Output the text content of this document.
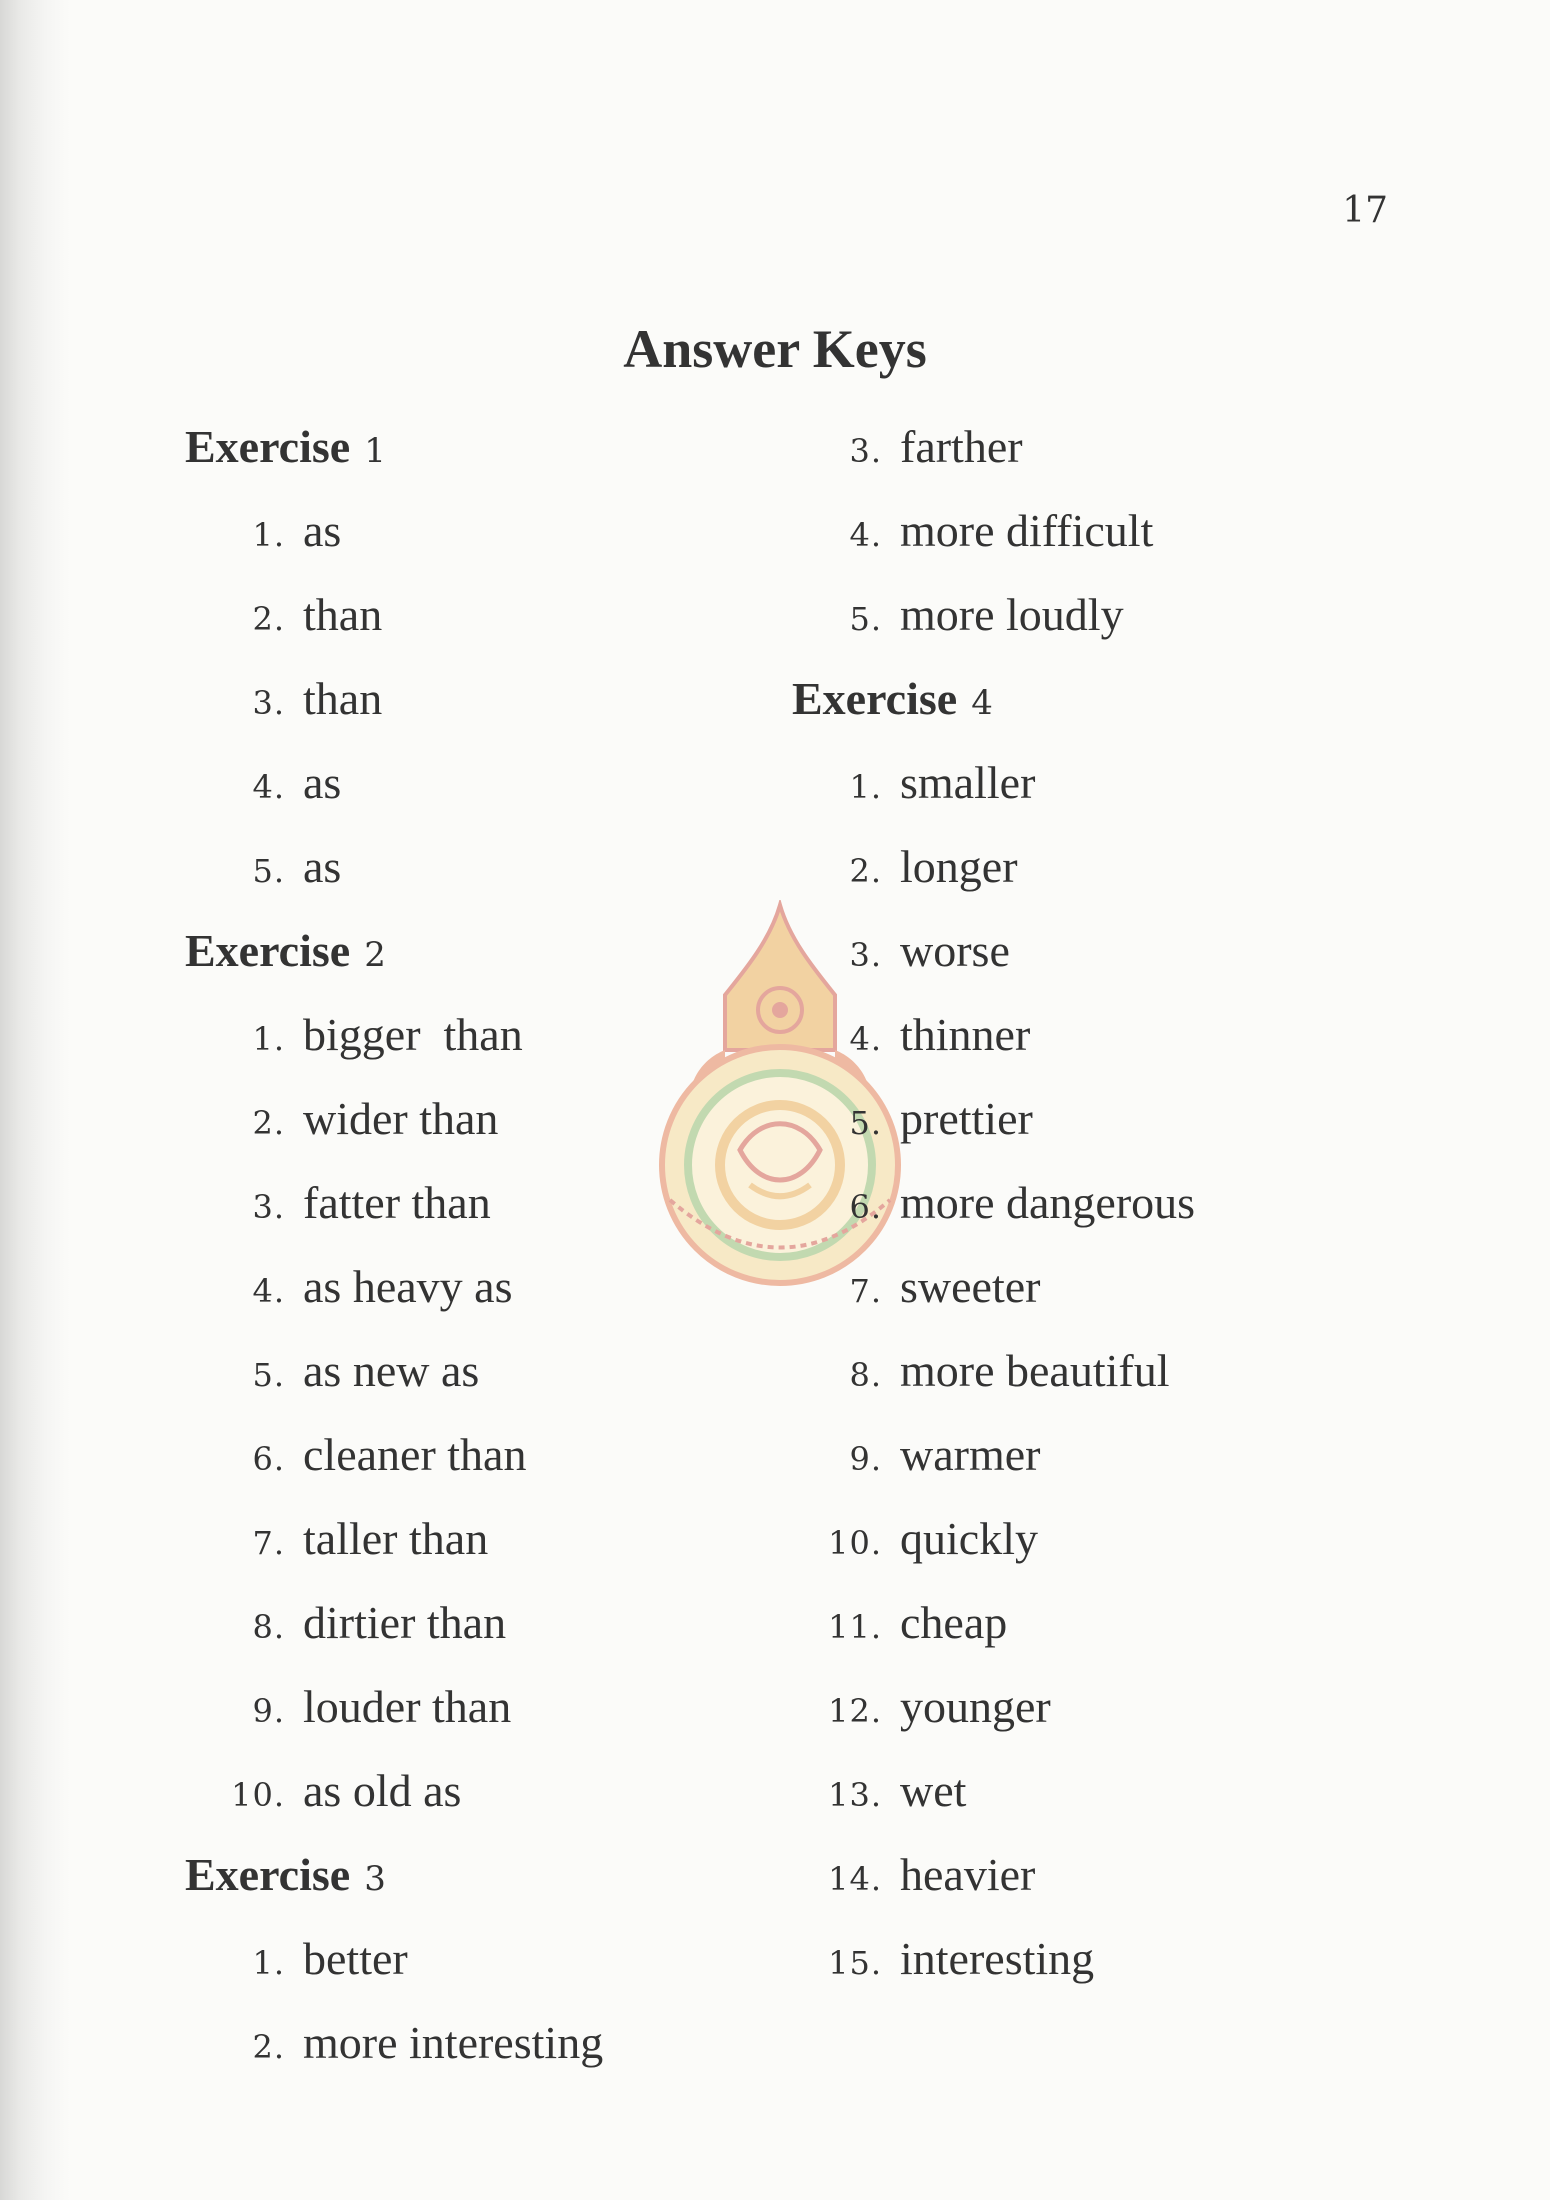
17
Answer Keys
Exercise 1
1. as
2. than
3. than
4. as
5. as
Exercise 2
1. bigger  than
2. wider than
3. fatter than
4. as heavy as
5. as new as
6. cleaner than
7. taller than
8. dirtier than
9. louder than
10. as old as
Exercise 3
1. better
2. more interesting
3. farther
4. more difficult
5. more loudly
Exercise 4
1. smaller
2. longer
3. worse
4. thinner
5. prettier
6. more dangerous
7. sweeter
8. more beautiful
9. warmer
10. quickly
11. cheap
12. younger
13. wet
14. heavier
15. interesting
